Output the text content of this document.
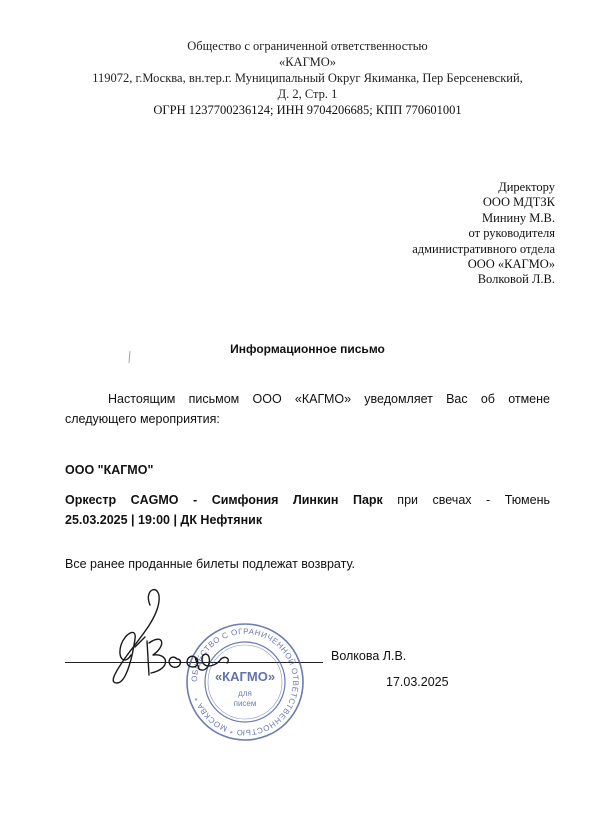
Общество с ограниченной ответственностью
«КАГМО»
119072, г.Москва, вн.тер.г. Муниципальный Округ Якиманка, Пер Берсеневский,
Д. 2, Стр. 1
ОГРН 1237700236124; ИНН 9704206685; КПП 770601001
Директору
ООО МДТЗК
Минину М.В.
от руководителя
административного отдела
ООО «КАГМО»
Волковой Л.В.
Информационное письмо
Настоящим письмом ООО «КАГМО» уведомляет Вас об отмене
следующего мероприятия:
ООО "КАГМО"
Оркестр CAGMO - Симфония Линкин Парк при свечах - Тюмень
25.03.2025 | 19:00 | ДК Нефтяник
Все ранее проданные билеты подлежат возврату.
Волкова Л.В.
17.03.2025
ОБЩЕСТВО С ОГРАНИЧЕННОЙ ОТВЕТСТВЕННОСТЬЮ * МОСКВА *
«КАГМО»
для
писем
